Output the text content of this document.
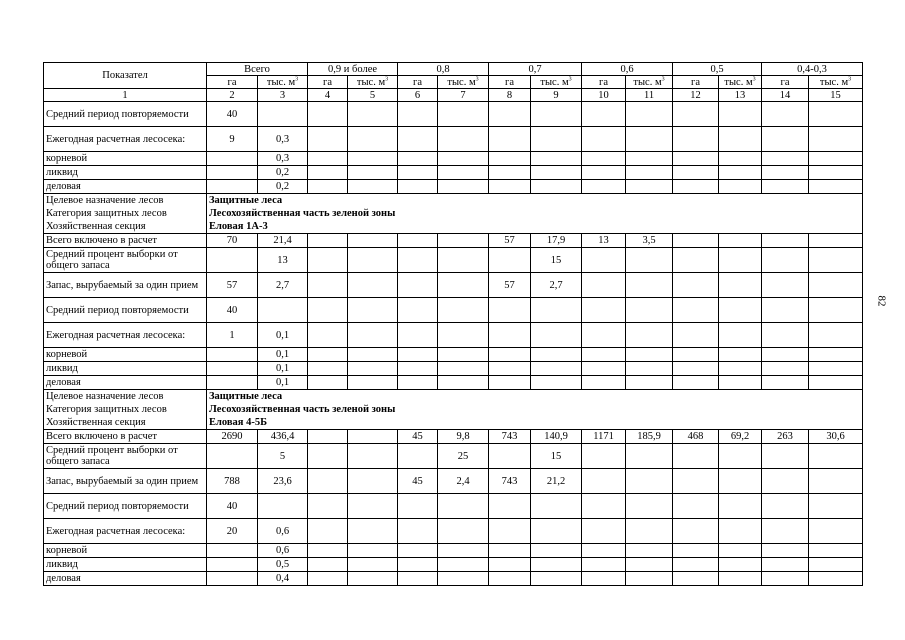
Показател	Всего		0,9 и более		0,8		0,7		0,6		0,5		0,4-0,3	
	га	тыс. $м^3$	га	тыс. $м^3$	га	тыс. $м^3$	га	тыс. $м^3$	га	тыс. $м^3$	га	тыс. $м^3$	га	тыс. $м^3$
1	2	3	4	5	6	7	8	9	10	11	12	13	14	15
Средний период повторяемости	40													
Ежегодная расчетная лесосека:	9	0,3												
корневой		0,3												
ликвид		0,2												
деловая		0,2												
Целевое назначение лесов	Защитные леса													
Категория защитных лесов	Лесохозяйственная часть зеленой зоны													
Хозяйственная секция	Еловая 1А-3													
Всего включено в расчет	70	21,4					57	17,9	13	3,5				
Средний процент выборки от общего запаса		13						15						
Запас, вырубаемый за один прием	57	2,7					57	2,7						
Средний период повторяемости	40													
Ежегодная расчетная лесосека:	1	0,1												
корневой		0,1												
ликвид		0,1												
деловая		0,1												
Целевое назначение лесов	Защитные леса													
Категория защитных лесов	Лесохозяйственная часть зеленой зоны													
Хозяйственная секция	Еловая 4-5Б													
Всего включено в расчет	2690	436,4			45	9,8	743	140,9	1171	185,9	468	69,2	263	30,6
Средний процент выборки от общего запаса		5				25		15						
Запас, вырубаемый за один прием	788	23,6			45	2,4	743	21,2						
Средний период повторяемости	40													
Ежегодная расчетная лесосека:	20	0,6												
корневой		0,6												
ликвид		0,5												
деловая		0,4												
82
